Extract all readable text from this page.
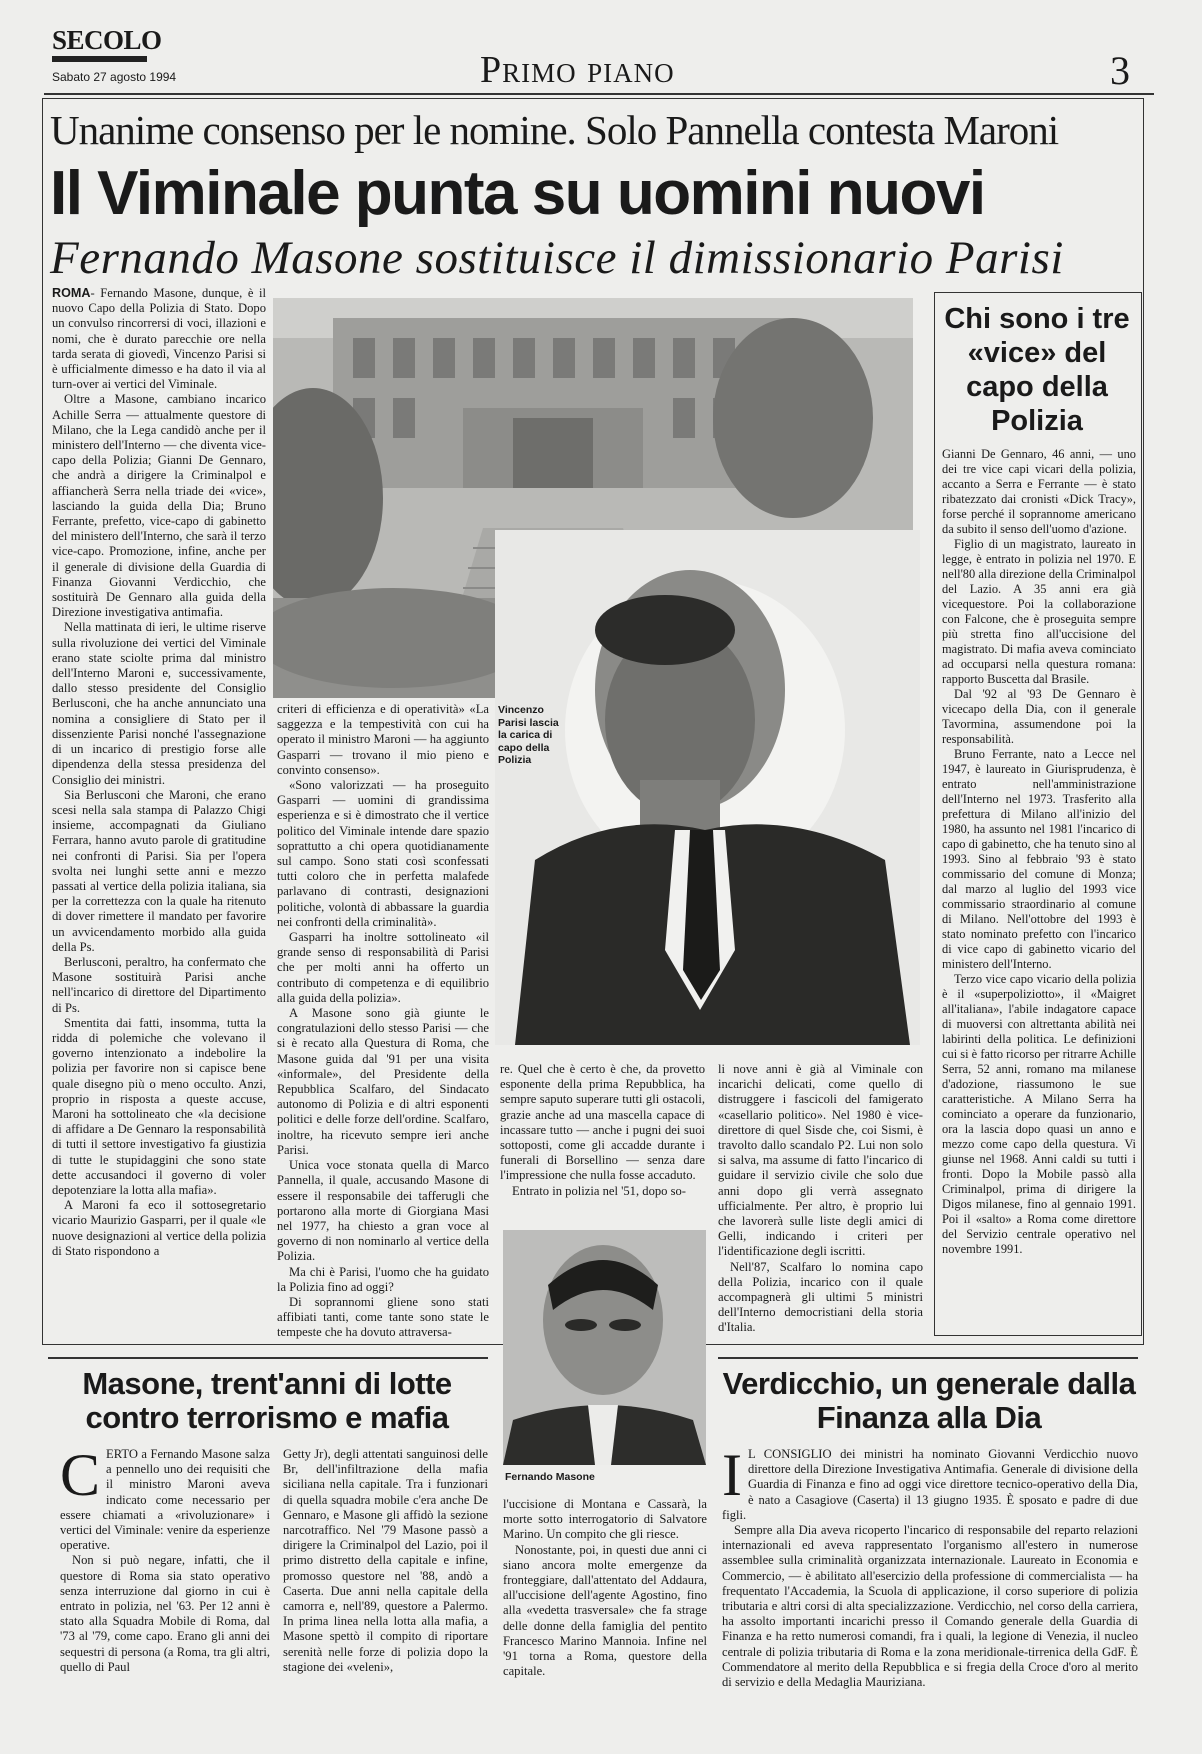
SECOLO
Sabato 27 agosto 1994	Primo piano	3
Unanime consenso per le nomine. Solo Pannella contesta Maroni
Il Viminale punta su uomini nuovi
Fernando Masone sostituisce il dimissionario Parisi

ROMA- Fernando Masone, dunque, è il nuovo Capo della Polizia di Stato. Dopo un convulso rincorrersi di voci, illazioni e nomi, che è durato parecchie ore nella tarda serata di giovedì, Vincenzo Parisi si è ufficialmente dimesso e ha dato il via al turn-over ai vertici del Viminale.

Oltre a Masone, cambiano incarico Achille Serra — attualmente questore di Milano, che la Lega candidò anche per il ministero dell'Interno — che diventa vice-capo della Polizia; Gianni De Gennaro, che andrà a dirigere la Criminalpol e affiancherà Serra nella triade dei «vice», lasciando la guida della Dia; Bruno Ferrante, prefetto, vice-capo di gabinetto del ministero dell'Interno, che sarà il terzo vice-capo. Promozione, infine, anche per il generale di divisione della Guardia di Finanza Giovanni Verdicchio, che sostituirà De Gennaro alla guida della Direzione investigativa antimafia.

Nella mattinata di ieri, le ultime riserve sulla rivoluzione dei vertici del Viminale erano state sciolte prima dal ministro dell'Interno Maroni e, successivamente, dallo stesso presidente del Consiglio Berlusconi, che ha anche annunciato una nomina a consigliere di Stato per il dissenziente Parisi nonché l'assegnazione di un incarico di prestigio forse alle dipendenza della stessa presidenza del Consiglio dei ministri.

Sia Berlusconi che Maroni, che erano scesi nella sala stampa di Palazzo Chigi insieme, accompagnati da Giuliano Ferrara, hanno avuto parole di gratitudine nei confronti di Parisi. Sia per l'opera svolta nei lunghi sette anni e mezzo passati al vertice della polizia italiana, sia per la correttezza con la quale ha ritenuto di dover rimettere il mandato per favorire un avvicendamento morbido alla guida della Ps.

Berlusconi, peraltro, ha confermato che Masone sostituirà Parisi anche nell'incarico di direttore del Dipartimento di Ps.

Smentita dai fatti, insomma, tutta la ridda di polemiche che volevano il governo intenzionato a indebolire la polizia per favorire non si capisce bene quale disegno più o meno occulto. Anzi, proprio in risposta a queste accuse, Maroni ha sottolineato che «la decisione di affidare a De Gennaro la responsabilità di tutti il settore investigativo fa giustizia di tutte le stupidaggini che sono state dette accusandoci il governo di voler depotenziare la lotta alla mafia».

A Maroni fa eco il sottosegretario vicario Maurizio Gasparri, per il quale «le nuove designazioni al vertice della polizia di Stato rispondono a

Vincenzo Parisi lascia la carica di capo della Polizia

criteri di efficienza e di operatività» «La saggezza e la tempestività con cui ha operato il ministro Maroni — ha aggiunto Gasparri — trovano il mio pieno e convinto consenso».

«Sono valorizzati — ha proseguito Gasparri — uomini di grandissima esperienza e si è dimostrato che il vertice politico del Viminale intende dare spazio soprattutto a chi opera quotidianamente sul campo. Sono stati così sconfessati tutti coloro che in perfetta malafede parlavano di contrasti, designazioni politiche, volontà di abbassare la guardia nei confronti della criminalità».

Gasparri ha inoltre sottolineato «il grande senso di responsabilità di Parisi che per molti anni ha offerto un contributo di competenza e di equilibrio alla guida della polizia».

A Masone sono già giunte le congratulazioni dello stesso Parisi — che si è recato alla Questura di Roma, che Masone guida dal '91 per una visita «informale», del Presidente della Repubblica Scalfaro, del Sindacato autonomo di Polizia e di altri esponenti politici e delle forze dell'ordine. Scalfaro, inoltre, ha ricevuto sempre ieri anche Parisi.

Unica voce stonata quella di Marco Pannella, il quale, accusando Masone di essere il responsabile dei tafferugli che portarono alla morte di Giorgiana Masi nel 1977, ha chiesto a gran voce al governo di non nominarlo al vertice della Polizia.

Ma chi è Parisi, l'uomo che ha guidato la Polizia fino ad oggi?

Di soprannomi gliene sono stati affibiati tanti, come tante sono state le tempeste che ha dovuto attraversa-

re. Quel che è certo è che, da provetto esponente della prima Repubblica, ha sempre saputo superare tutti gli ostacoli, grazie anche ad una mascella capace di incassare tutto — anche i pugni dei suoi sottoposti, come gli accadde durante i funerali di Borsellino — senza dare l'impressione che nulla fosse accaduto.

Entrato in polizia nel '51, dopo so-

li nove anni è già al Viminale con incarichi delicati, come quello di distruggere i fascicoli del famigerato «casellario politico». Nel 1980 è vice-direttore di quel Sisde che, coi Sismi, è travolto dallo scandalo P2. Lui non solo si salva, ma assume di fatto l'incarico di guidare il servizio civile che solo due anni dopo gli verrà assegnato ufficialmente. Per altro, è proprio lui che lavorerà sulle liste degli amici di Gelli, indicando i criteri per l'identificazione degli iscritti.

Nell'87, Scalfaro lo nomina capo della Polizia, incarico con il quale accompagnerà gli ultimi 5 ministri dell'Interno democristiani della storia d'Italia.

Chi sono i tre «vice» del capo della Polizia

Gianni De Gennaro, 46 anni, — uno dei tre vice capi vicari della polizia, accanto a Serra e Ferrante — è stato ribatezzato dai cronisti «Dick Tracy», forse perché il soprannome americano da subito il senso dell'uomo d'azione.

Figlio di un magistrato, laureato in legge, è entrato in polizia nel 1970. E nell'80 alla direzione della Criminalpol del Lazio. A 35 anni era già vicequestore. Poi la collaborazione con Falcone, che è proseguita sempre più stretta fino all'uccisione del magistrato. Di mafia aveva cominciato ad occuparsi nella questura romana: rapporto Buscetta dal Brasile.

Dal '92 al '93 De Gennaro è vicecapo della Dia, con il generale Tavormina, assumendone poi la responsabilità.

Bruno Ferrante, nato a Lecce nel 1947, è laureato in Giurisprudenza, è entrato nell'amministrazione dell'Interno nel 1973. Trasferito alla prefettura di Milano all'inizio del 1980, ha assunto nel 1981 l'incarico di capo di gabinetto, che ha tenuto sino al 1993. Sino al febbraio '93 è stato commissario del comune di Monza; dal marzo al luglio del 1993 vice commissario straordinario al comune di Milano. Nell'ottobre del 1993 è stato nominato prefetto con l'incarico di vice capo di gabinetto vicario del ministero dell'Interno.

Terzo vice capo vicario della polizia è il «superpoliziotto», il «Maigret all'italiana», l'abile indagatore capace di muoversi con altrettanta abilità nei labirinti della politica. Le definizioni cui si è fatto ricorso per ritrarre Achille Serra, 52 anni, romano ma milanese d'adozione, riassumono le sue caratteristiche. A Milano Serra ha cominciato a operare da funzionario, ora la lascia dopo quasi un anno e mezzo come capo della questura. Vi giunse nel 1968. Anni caldi su tutti i fronti. Dopo la Mobile passò alla Criminalpol, prima di dirigere la Digos milanese, fino al gennaio 1991. Poi il «salto» a Roma come direttore del Servizio centrale operativo nel novembre 1991.

Masone, trent'anni di lotte contro terrorismo e mafia

CERTO a Fernando Masone salza a pennello uno dei requisiti che il ministro Maroni aveva indicato come necessario per essere chiamati a «rivoluzionare» i vertici del Viminale: venire da esperienze operative.

Non si può negare, infatti, che il questore di Roma sia stato operativo senza interruzione dal giorno in cui è entrato in polizia, nel '63. Per 12 anni è stato alla Squadra Mobile di Roma, dal '73 al '79, come capo. Erano gli anni dei sequestri di persona (a Roma, tra gli altri, quello di Paul

Getty Jr), degli attentati sanguinosi delle Br, dell'infiltrazione della mafia siciliana nella capitale. Tra i funzionari di quella squadra mobile c'era anche De Gennaro, e Masone gli affidò la sezione narcotraffico. Nel '79 Masone passò a dirigere la Criminalpol del Lazio, poi il primo distretto della capitale e infine, promosso questore nel '88, andò a Caserta. Due anni nella capitale della camorra e, nell'89, questore a Palermo. In prima linea nella lotta alla mafia, a Masone spettò il compito di riportare serenità nelle forze di polizia dopo la stagione dei «veleni»,

Fernando Masone

l'uccisione di Montana e Cassarà, la morte sotto interrogatorio di Salvatore Marino. Un compito che gli riesce.

Nonostante, poi, in questi due anni ci siano ancora molte emergenze da fronteggiare, dall'attentato del Addaura, all'uccisione dell'agente Agostino, fino alla «vedetta trasversale» che fa strage delle donne della famiglia del pentito Francesco Marino Mannoia. Infine nel '91 torna a Roma, questore della capitale.

Verdicchio, un generale dalla Finanza alla Dia

I L CONSIGLIO dei ministri ha nominato Giovanni Verdicchio nuovo direttore della Direzione Investigativa Antimafia. Generale di divisione della Guardia di Finanza e fino ad oggi vice direttore tecnico-operativo della Dia, è nato a Casagiove (Caserta) il 13 giugno 1935. È sposato e padre di due figli.

Sempre alla Dia aveva ricoperto l'incarico di responsabile del reparto relazioni internazionali ed aveva rappresentato l'organismo all'estero in numerose assemblee sulla criminalità organizzata internazionale. Laureato in Economia e Commercio, — è abilitato all'esercizio della professione di commercialista — ha frequentato l'Accademia, la Scuola di applicazione, il corso superiore di polizia tributaria e altri corsi di alta specializzazione. Verdicchio, nel corso della carriera, ha assolto importanti incarichi presso il Comando generale della Guardia di Finanza e ha retto numerosi comandi, fra i quali, la legione di Venezia, il nucleo centrale di polizia tributaria di Roma e la zona meridionale-tirrenica della GdF. È Commendatore al merito della Repubblica e si fregia della Croce d'oro al merito di servizio e della Medaglia Mauriziana.
